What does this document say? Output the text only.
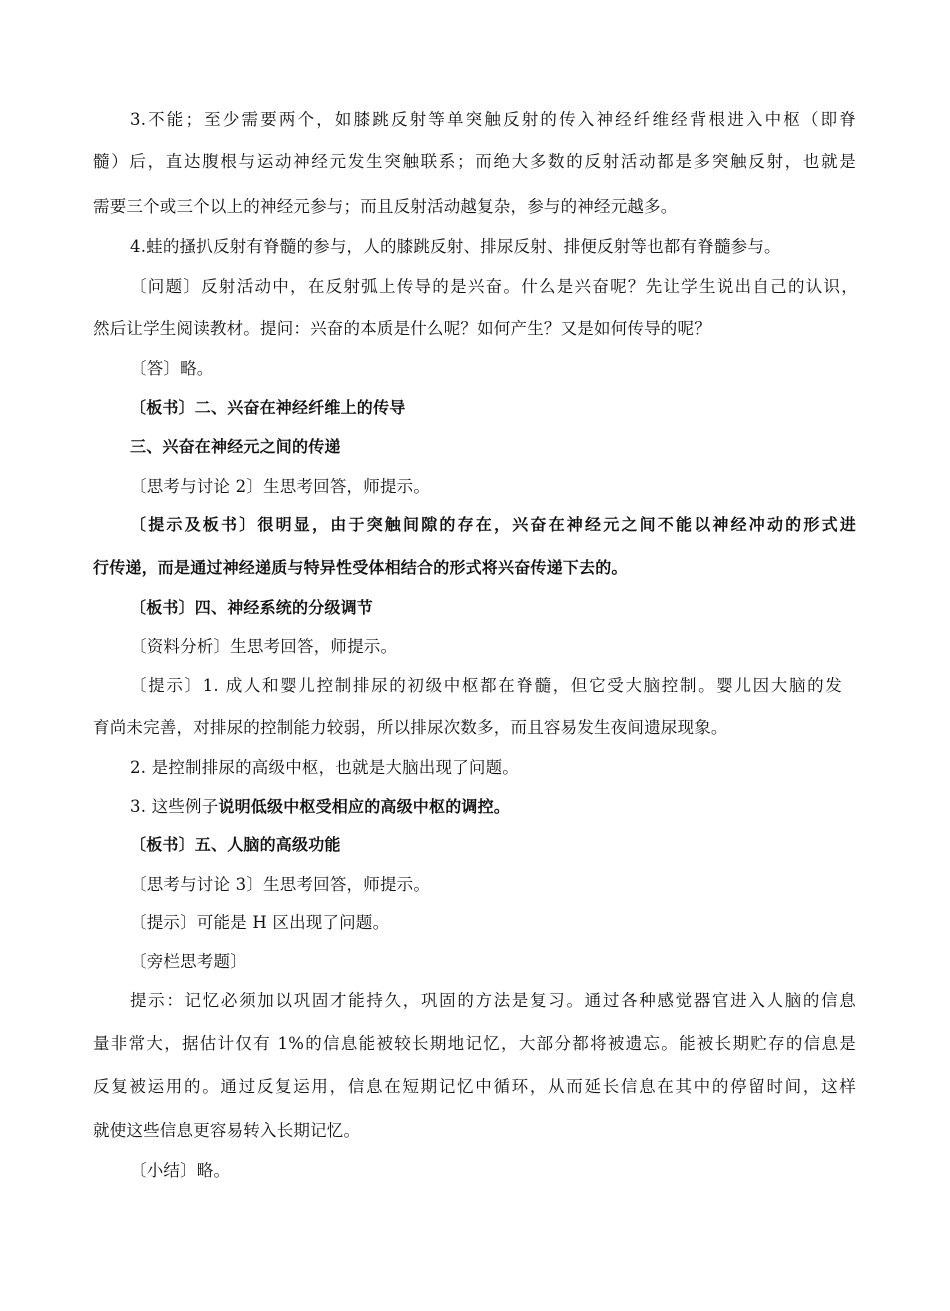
3.不能；至少需要两个，如膝跳反射等单突触反射的传入神经纤维经背根进入中枢（即脊
髓）后，直达腹根与运动神经元发生突触联系；而绝大多数的反射活动都是多突触反射，也就是
需要三个或三个以上的神经元参与；而且反射活动越复杂，参与的神经元越多。
4.蛙的搔扒反射有脊髓的参与，人的膝跳反射、排尿反射、排便反射等也都有脊髓参与。
〔问题〕反射活动中，在反射弧上传导的是兴奋。什么是兴奋呢？先让学生说出自己的认识，
然后让学生阅读教材。提问：兴奋的本质是什么呢？如何产生？又是如何传导的呢？
〔答〕略。
〔板书〕二、兴奋在神经纤维上的传导
三、兴奋在神经元之间的传递
〔思考与讨论 2〕生思考回答，师提示。
〔提示及板书〕很明显，由于突触间隙的存在，兴奋在神经元之间不能以神经冲动的形式进
行传递，而是通过神经递质与特异性受体相结合的形式将兴奋传递下去的。
〔板书〕四、神经系统的分级调节
〔资料分析〕生思考回答，师提示。
〔提示〕1. 成人和婴儿控制排尿的初级中枢都在脊髓，但它受大脑控制。婴儿因大脑的发
育尚未完善，对排尿的控制能力较弱，所以排尿次数多，而且容易发生夜间遗尿现象。
2. 是控制排尿的高级中枢，也就是大脑出现了问题。
3. 这些例子说明低级中枢受相应的高级中枢的调控。
〔板书〕五、人脑的高级功能
〔思考与讨论 3〕生思考回答，师提示。
〔提示〕可能是 H 区出现了问题。
〔旁栏思考题〕
提示：记忆必须加以巩固才能持久，巩固的方法是复习。通过各种感觉器官进入人脑的信息
量非常大，据估计仅有 1%的信息能被较长期地记忆，大部分都将被遗忘。能被长期贮存的信息是
反复被运用的。通过反复运用，信息在短期记忆中循环，从而延长信息在其中的停留时间，这样
就使这些信息更容易转入长期记忆。
〔小结〕略。
